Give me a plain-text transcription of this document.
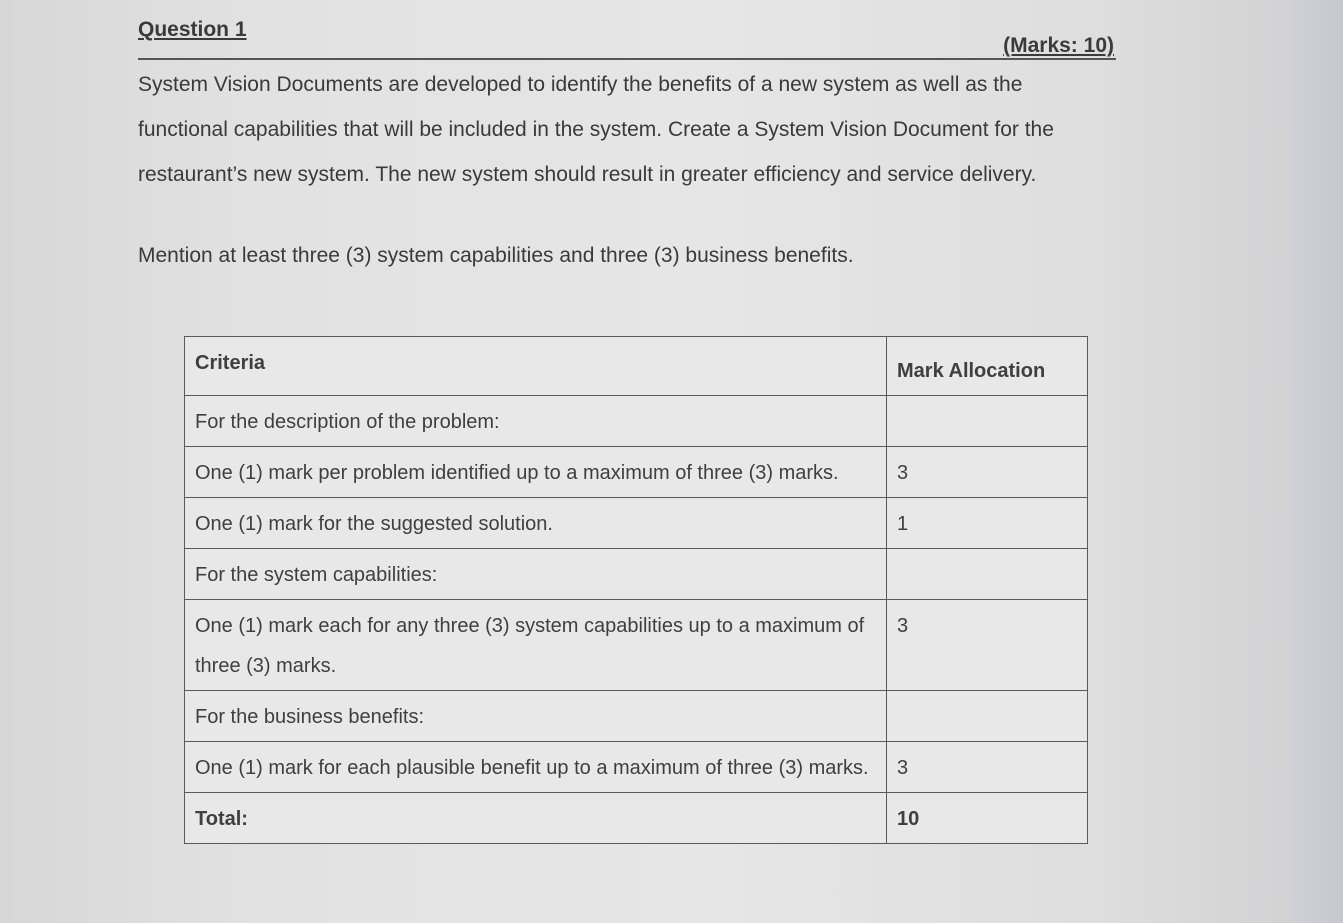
Question 1
(Marks: 10)

System Vision Documents are developed to identify the benefits of a new system as well as the functional capabilities that will be included in the system. Create a System Vision Document for the restaurant’s new system. The new system should result in greater efficiency and service delivery.

Mention at least three (3) system capabilities and three (3) business benefits.
Criteria	Mark Allocation
For the description of the problem:	
One (1) mark per problem identified up to a maximum of three (3) marks.	3
One (1) mark for the suggested solution.	1
For the system capabilities:	
One (1) mark each for any three (3) system capabilities up to a maximum of three (3) marks.	3
For the business benefits:	
One (1) mark for each plausible benefit up to a maximum of three (3) marks.	3
Total:	10
